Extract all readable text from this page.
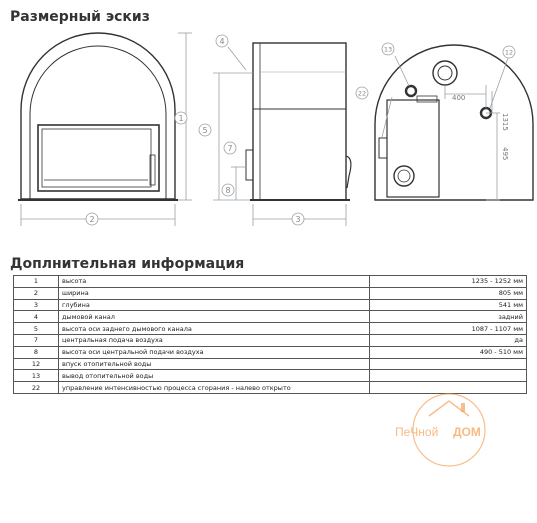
Размерный эскиз
400
1315
495
1
2	3
4
5
7
8
12
13
22
Доплнительная информация
1	высота	1235 - 1252 мм
2	ширина	805 мм
3	глубина	541 мм
4	дымовой канал	задний
5	высота оси заднего дымового канала	1087 - 1107 мм
7	центральная подача воздуха	да
8	высота оси центральной подачи воздуха	490 - 510 мм
12	впуск отопительной воды	
13	вывод отопительной воды	
22	управление интенсивностью процесса сгорания - налево открыто	
ПеЧной ДОМ
